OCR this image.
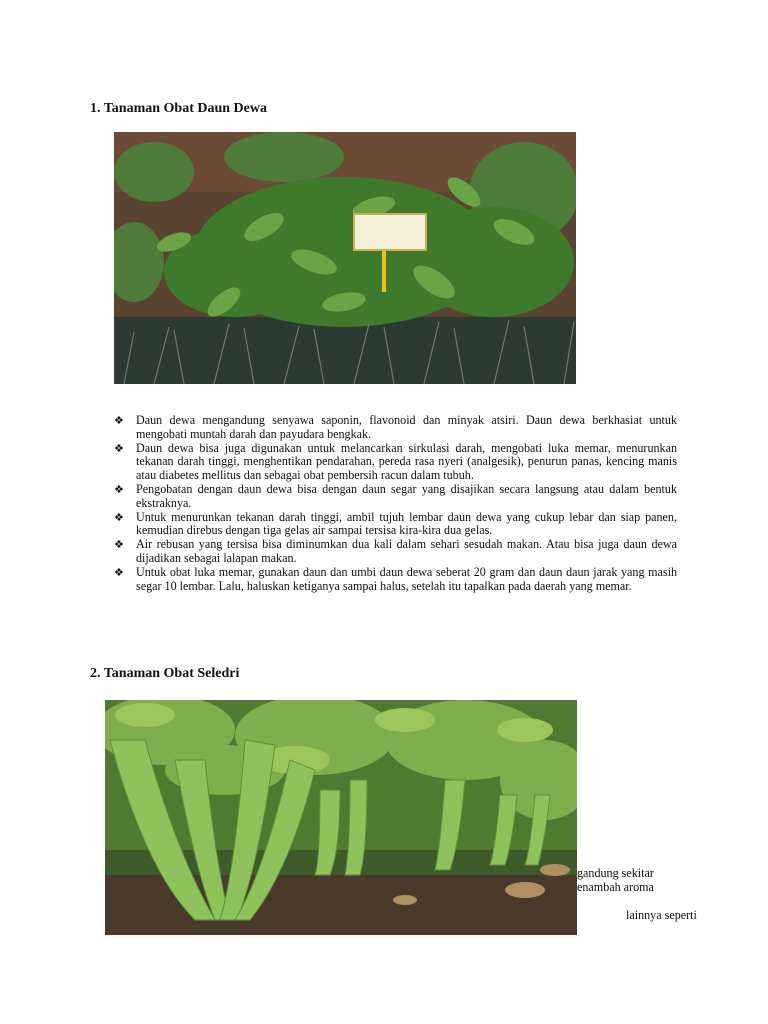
1. Tanaman Obat Daun Dewa
❖ Daun dewa mengandung senyawa saponin, flavonoid dan minyak atsiri. Daun dewa berkhasiat untuk mengobati muntah darah dan payudara bengkak.
❖ Daun dewa bisa juga digunakan untuk melancarkan sirkulasi darah, mengobati luka memar, menurunkan tekanan darah tinggi, menghentikan pendarahan, pereda rasa nyeri (analgesik), penurun panas, kencing manis atau diabetes mellitus dan sebagai obat pembersih racun dalam tubuh.
❖ Pengobatan dengan daun dewa bisa dengan daun segar yang disajikan secara langsung atau dalam bentuk ekstraknya.
❖ Untuk menurunkan tekanan darah tinggi, ambil tujuh lembar daun dewa yang cukup lebar dan siap panen, kemudian direbus dengan tiga gelas air sampai tersisa kira-kira dua gelas.
❖ Air rebusan yang tersisa bisa diminumkan dua kali dalam sehari sesudah makan. Atau bisa juga daun dewa dijadikan sebagai lalapan makan.
❖ Untuk obat luka memar, gunakan daun dan umbi daun dewa seberat 20 gram dan daun daun jarak yang masih segar 10 lembar. Lalu, haluskan ketiganya sampai halus, setelah itu tapalkan pada daerah yang memar.
2. Tanaman Obat Seledri
gandung sekitar
enambah aroma
lainnya seperti
